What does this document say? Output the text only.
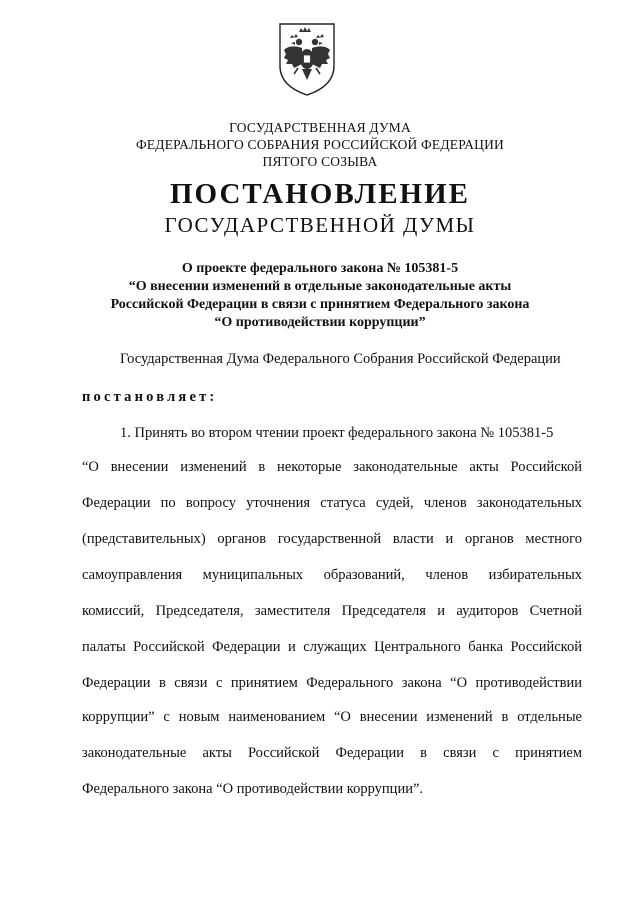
ГОСУДАРСТВЕННАЯ ДУМА
ФЕДЕРАЛЬНОГО СОБРАНИЯ РОССИЙСКОЙ ФЕДЕРАЦИИ
ПЯТОГО СОЗЫВА
ПОСТАНОВЛЕНИЕ
ГОСУДАРСТВЕННОЙ ДУМЫ
О проекте федерального закона № 105381-5
“О внесении изменений в отдельные законодательные акты
Российской Федерации в связи с принятием Федерального закона
“О противодействии коррупции”
Государственная Дума Федерального Собрания Российской Федерации
постановляет:
1. Принять во втором чтении проект федерального закона № 105381-5
“О внесении изменений в некоторые законодательные акты Российской
Федерации по вопросу уточнения статуса судей, членов законодательных
(представительных) органов государственной власти и органов местного
самоуправления муниципальных образований, членов избирательных
комиссий, Председателя, заместителя Председателя и аудиторов Счетной
палаты Российской Федерации и служащих Центрального банка Российской
Федерации в связи с принятием Федерального закона “О противодействии
коррупции” с новым наименованием “О внесении изменений в отдельные
законодательные акты Российской Федерации в связи с принятием
Федерального закона “О противодействии коррупции”.
